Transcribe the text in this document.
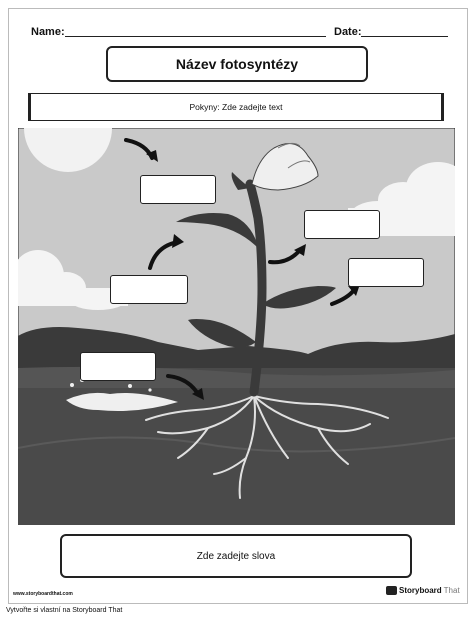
Name:	Date:
Název fotosyntézy
Pokyny: Zde zadejte text
Zde zadejte slova
www.storyboardthat.com	Storyboard That
Vytvořte si vlastní na Storyboard That
